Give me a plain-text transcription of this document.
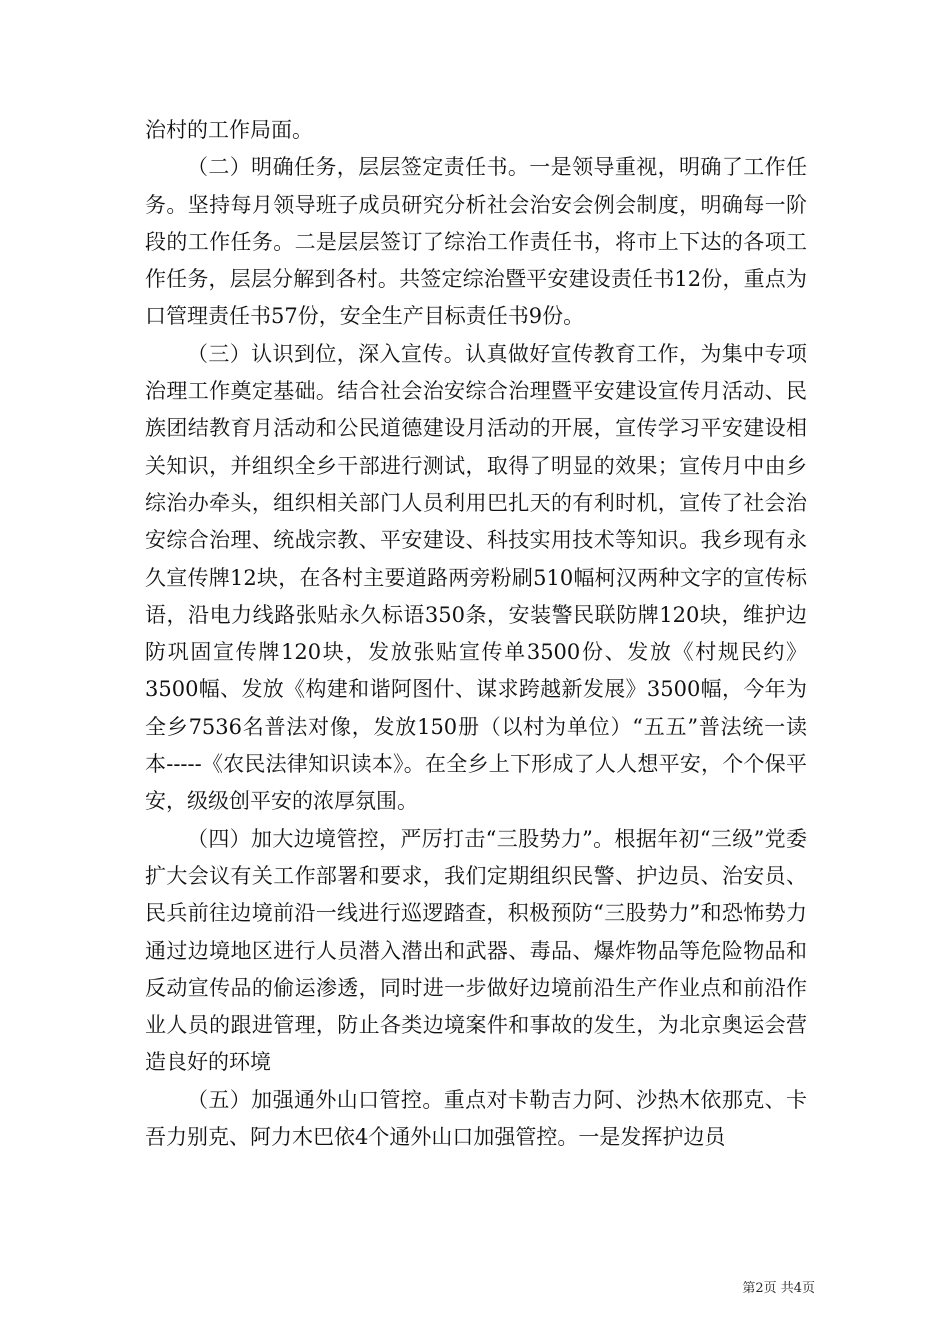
治村的工作局面。

（二）明确任务，层层签定责任书。一是领导重视，明确了工作任务。坚持每月领导班子成员研究分析社会治安会例会制度，明确每一阶段的工作任务。二是层层签订了综治工作责任书，将市上下达的各项工作任务，层层分解到各村。共签定综治暨平安建设责任书12份，重点为口管理责任书57份，安全生产目标责任书9份。

（三）认识到位，深入宣传。认真做好宣传教育工作，为集中专项治理工作奠定基础。结合社会治安综合治理暨平安建设宣传月活动、民族团结教育月活动和公民道德建设月活动的开展，宣传学习平安建设相关知识，并组织全乡干部进行测试，取得了明显的效果；宣传月中由乡综治办牵头，组织相关部门人员利用巴扎天的有利时机，宣传了社会治安综合治理、统战宗教、平安建设、科技实用技术等知识。我乡现有永久宣传牌12块，在各村主要道路两旁粉刷510幅柯汉两种文字的宣传标语，沿电力线路张贴永久标语350条，安装警民联防牌120块，维护边防巩固宣传牌120块，发放张贴宣传单3500份、发放《村规民约》3500幅、发放《构建和谐阿图什、谋求跨越新发展》3500幅，今年为全乡7536名普法对像，发放150册（以村为单位）“五五”普法统一读本-----《农民法律知识读本》。在全乡上下形成了人人想平安，个个保平安，级级创平安的浓厚氛围。

（四）加大边境管控，严厉打击“三股势力”。根据年初“三级”党委扩大会议有关工作部署和要求，我们定期组织民警、护边员、治安员、民兵前往边境前沿一线进行巡逻踏查，积极预防“三股势力”和恐怖势力通过边境地区进行人员潜入潜出和武器、毒品、爆炸物品等危险物品和反动宣传品的偷运渗透，同时进一步做好边境前沿生产作业点和前沿作业人员的跟进管理，防止各类边境案件和事故的发生，为北京奥运会营造良好的环境

（五）加强通外山口管控。重点对卡勒吉力阿、沙热木依那克、卡吾力别克、阿力木巴依4个通外山口加强管控。一是发挥护边员

第2页 共4页
